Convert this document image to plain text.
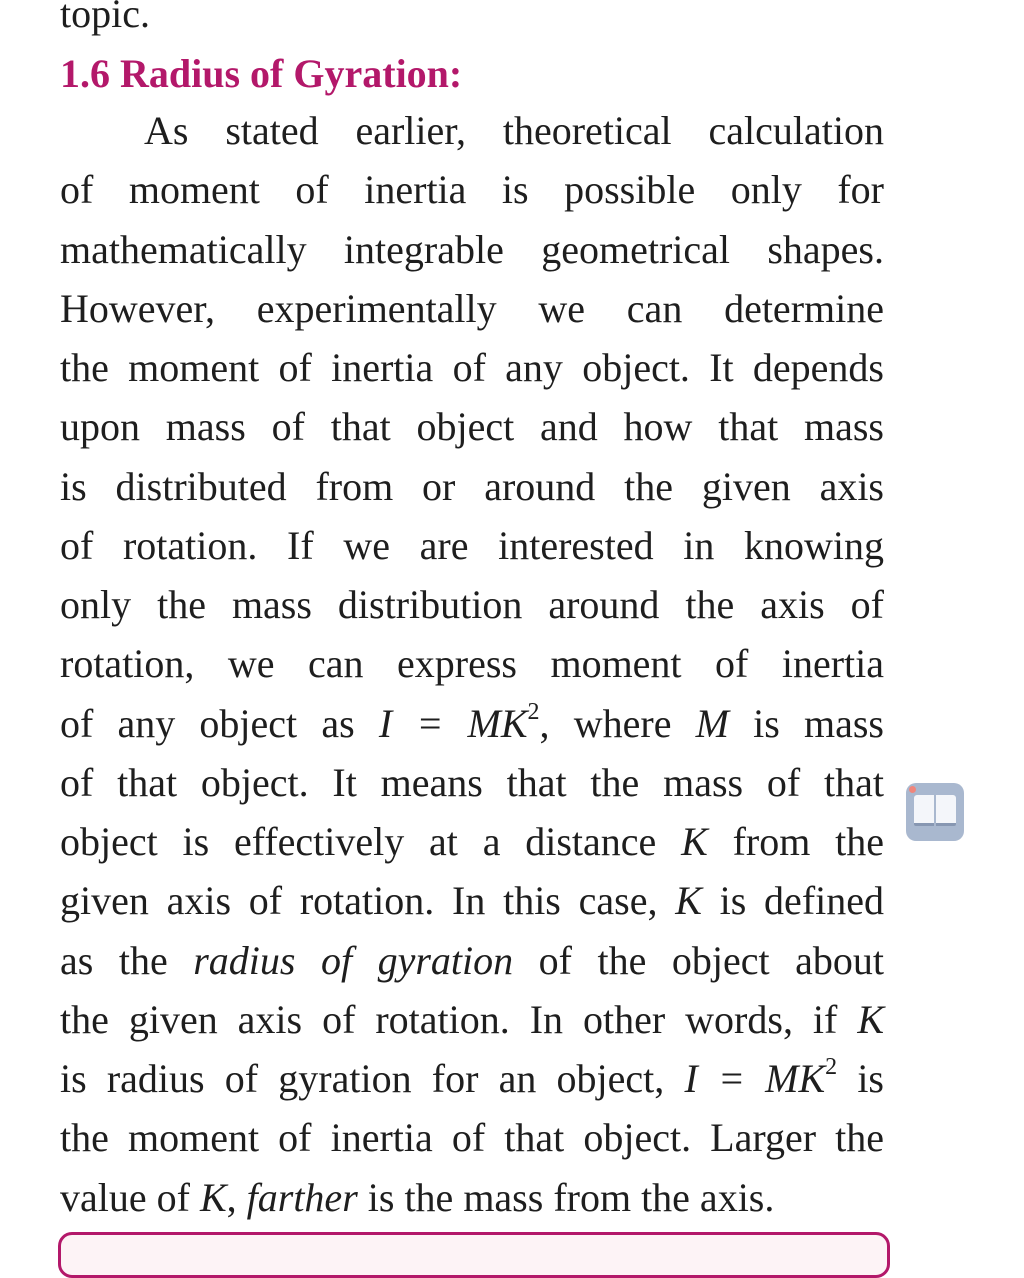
topic.
1.6 Radius of Gyration:
As stated earlier, theoretical calculation
of moment of inertia is possible only for
mathematically integrable geometrical shapes.
However, experimentally we can determine
the moment of inertia of any object. It depends
upon mass of that object and how that mass
is distributed from or around the given axis
of rotation. If we are interested in knowing
only the mass distribution around the axis of
rotation, we can express moment of inertia
of any object as $I = MK^2$, where M is mass
of that object. It means that the mass of that
object is effectively at a distance K from the
given axis of rotation. In this case, K is defined
as the radius of gyration of the object about
the given axis of rotation. In other words, if K
is radius of gyration for an object, $I = MK^2$ is
the moment of inertia of that object. Larger the
value of K, farther is the mass from the axis.
